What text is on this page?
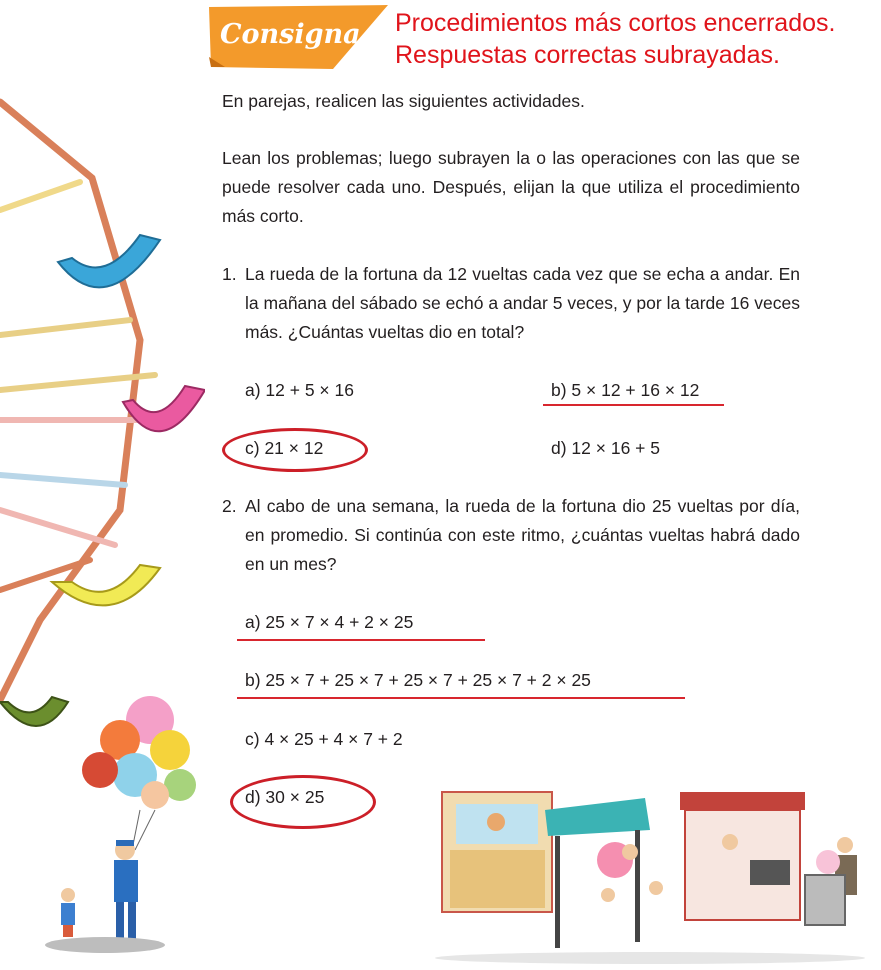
Consigna Procedimientos más cortos encerrados.
Respuestas correctas subrayadas.
En parejas, realicen las siguientes actividades.
Lean los problemas; luego subrayen la o las operaciones con las que se puede resolver cada uno. Después, elijan la que utiliza el procedimiento más corto.
1. La rueda de la fortuna da 12 vueltas cada vez que se echa a andar. En la mañana del sábado se echó a andar 5 veces, y por la tarde 16 veces más. ¿Cuántas vueltas dio en total?
a) 12 + 5 × 16	b) 5 × 12 + 16 × 12
c) 21 × 12	d) 12 × 16 + 5
2. Al cabo de una semana, la rueda de la fortuna dio 25 vueltas por día, en promedio. Si continúa con este ritmo, ¿cuántas vueltas habrá dado en un mes?
a) 25 × 7 × 4 + 2 × 25
b) 25 × 7 + 25 × 7 + 25 × 7 + 25 × 7 + 2 × 25
c) 4 × 25 + 4 × 7 + 2
d) 30 × 25
